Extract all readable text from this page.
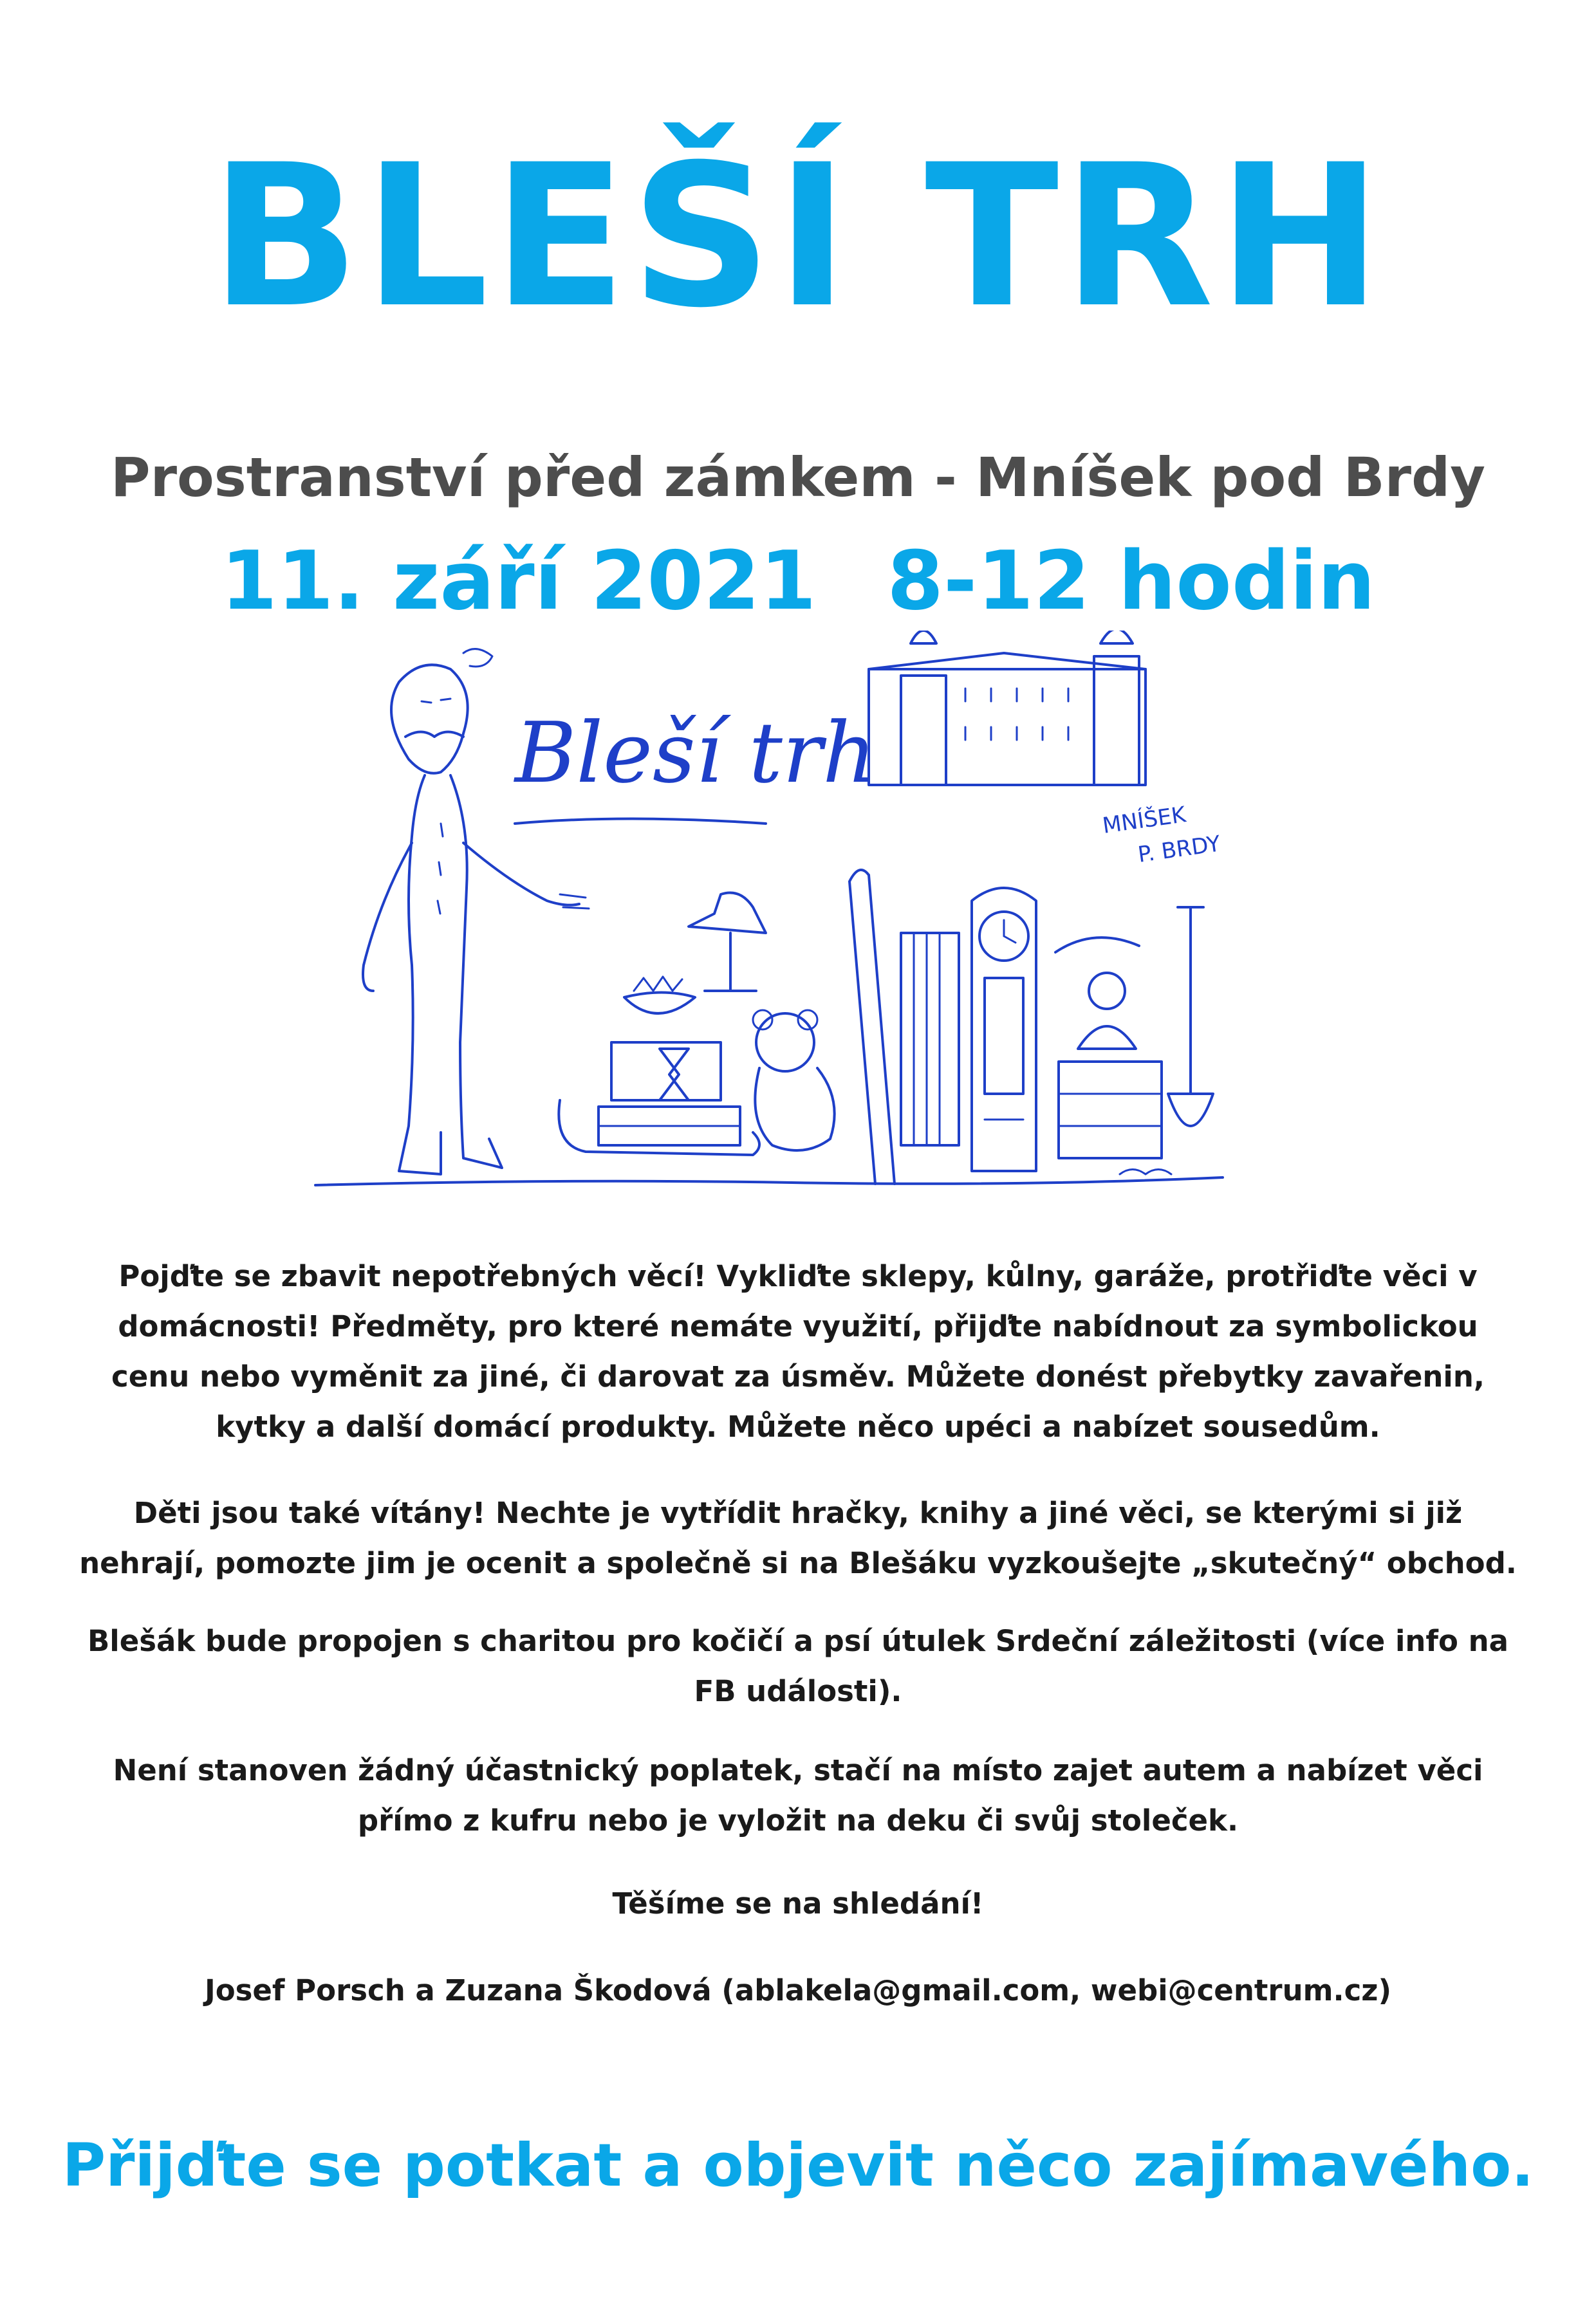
BLEŠÍ TRH
Prostranství před zámkem - Mníšek pod Brdy
11. září 2021 8-12 hodin
Bleší trh
MNÍŠEK
P. BRDY
Pojďte se zbavit nepotřebných věcí! Vykliďte sklepy, kůlny, garáže, protřiďte věci v domácnosti! Předměty, pro které nemáte využití, přijďte nabídnout za symbolickou cenu nebo vyměnit za jiné, či darovat za úsměv. Můžete donést přebytky zavařenin, kytky a další domácí produkty. Můžete něco upéci a nabízet sousedům.
Děti jsou také vítány! Nechte je vytřídit hračky, knihy a jiné věci, se kterými si již nehrají, pomozte jim je ocenit a společně si na Blešáku vyzkoušejte „skutečný“ obchod.
Blešák bude propojen s charitou pro kočičí a psí útulek Srdeční záležitosti (více info na FB události).
Není stanoven žádný účastnický poplatek, stačí na místo zajet autem a nabízet věci přímo z kufru nebo je vyložit na deku či svůj stoleček.
Těšíme se na shledání!
Josef Porsch a Zuzana Škodová (ablakela@gmail.com, webi@centrum.cz)
Přijďte se potkat a objevit něco zajímavého.
